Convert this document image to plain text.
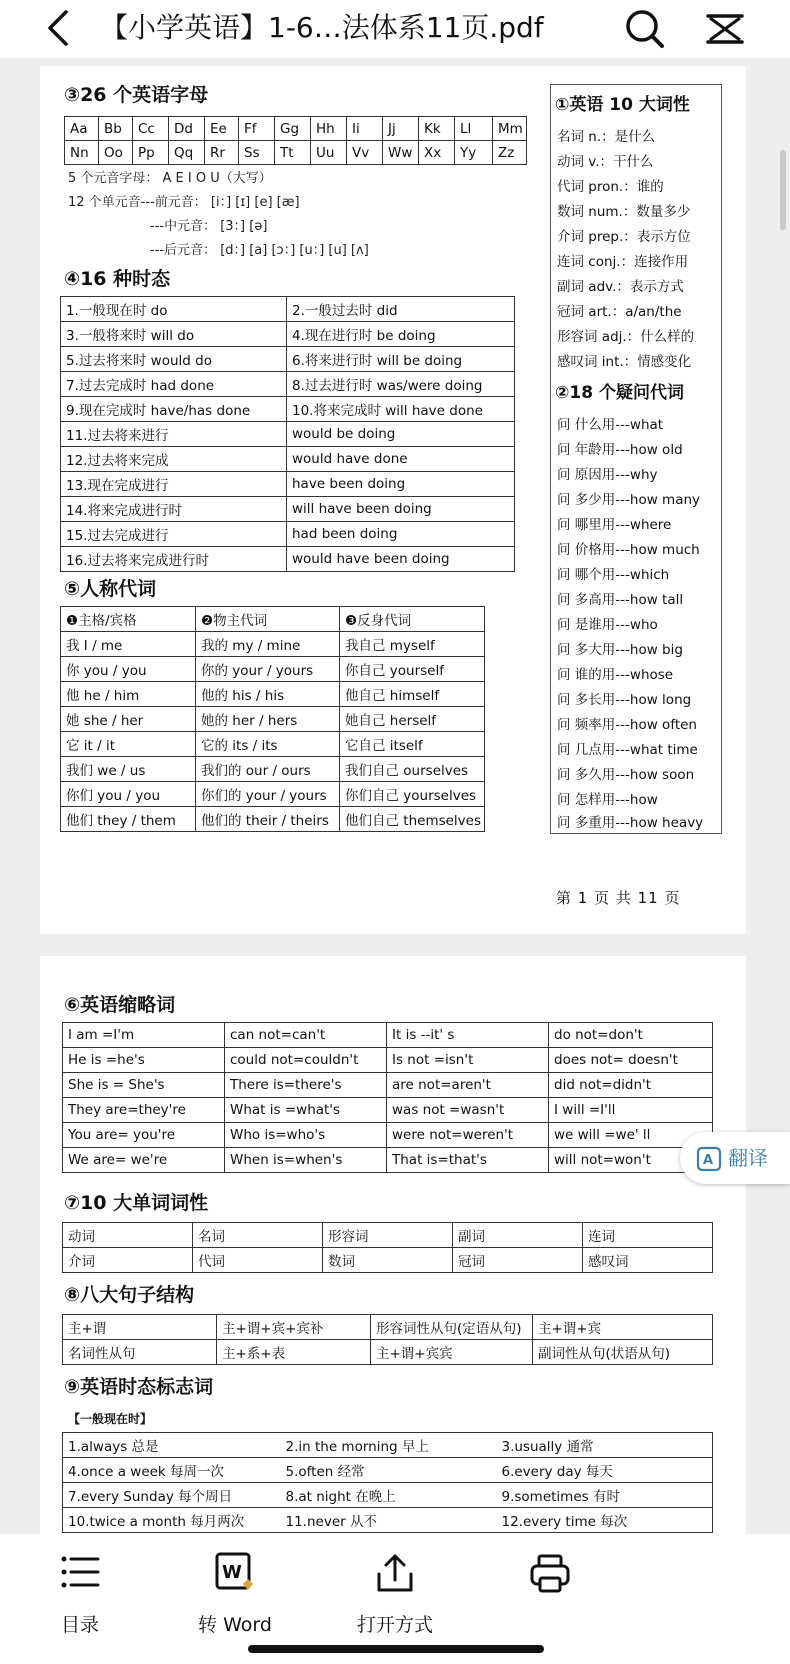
【小学英语】1-6…法体系11页.pdf
③26 个英语字母
Aa	Bb	Cc	Dd	Ee	Ff	Gg	Hh	Ii	Jj	Kk	Ll	Mm
Nn	Oo	Pp	Qq	Rr	Ss	Tt	Uu	Vv	Ww	Xx	Yy	Zz
5 个元音字母： A E I O U（大写）
12 个单元音---前元音： [i：] [ɪ] [e] [æ]
---中元音： [3：] [ə]
---后元音： [d：] [a] [ɔ：] [u：] [u] [ʌ]
④16 种时态
1.一般现在时 do	2.一般过去时 did
3.一般将来时 will do	4.现在进行时 be doing
5.过去将来时 would do	6.将来进行时 will be doing
7.过去完成时 had done	8.过去进行时 was/were doing
9.现在完成时 have/has done	10.将来完成时 will have done
11.过去将来进行	would be doing
12.过去将来完成	would have done
13.现在完成进行	have been doing
14.将来完成进行时	will have been doing
15.过去完成进行	had been doing
16.过去将来完成进行时	would have been doing
⑤人称代词
❶主格/宾格	❷物主代词	❸反身代词
我 I / me	我的 my / mine	我自己 myself
你 you / you	你的 your / yours	你自己 yourself
他 he / him	他的 his / his	他自己 himself
她 she / her	她的 her / hers	她自己 herself
它 it / it	它的 its / its	它自己 itself
我们 we / us	我们的 our / ours	我们自己 ourselves
你们 you / you	你们的 your / yours	你们自己 yourselves
他们 they / them	他们的 their / theirs	他们自己 themselves
①英语 10 大词性
名词 n.：是什么
动词 v.：干什么
代词 pron.：谁的
数词 num.：数量多少
介词 prep.：表示方位
连词 conj.：连接作用
副词 adv.：表示方式
冠词 art.：a/an/the
形容词 adj.：什么样的
感叹词 int.：情感变化
②18 个疑问代词
问 什么用---what
问 年龄用---how old
问 原因用---why
问 多少用---how many
问 哪里用---where
问 价格用---how much
问 哪个用---which
问 多高用---how tall
问 是谁用---who
问 多大用---how big
问 谁的用---whose
问 多长用---how long
问 频率用---how often
问 几点用---what time
问 多久用---how soon
问 怎样用---how
问 多重用---how heavy
第 1 页 共 11 页
⑥英语缩略词
I am =I'm	can not=can't	It is --it' s	do not=don't
He is =he's	could not=couldn't	Is not =isn't	does not= doesn't
She is = She's	There is=there's	are not=aren't	did not=didn't
They are=they're	What is =what's	was not =wasn't	I will =I'll
You are= you're	Who is=who's	were not=weren't	we will =we' ll
We are= we're	When is=when's	That is=that's	will not=won't
⑦10 大单词词性
动词	名词	形容词	副词	连词
介词	代词	数词	冠词	感叹词
⑧八大句子结构
主+谓	主+谓+宾+宾补	形容词性从句(定语从句)	主+谓+宾
名词性从句	主+系+表	主+谓+宾宾	副词性从句(状语从句)
⑨英语时态标志词
【一般现在时】
1.always 总是	2.in the morning 早上	3.usually 通常
4.once a week 每周一次	5.often 经常	6.every day 每天
7.every Sunday 每个周日	8.at night 在晚上	9.sometimes 有时
10.twice a month 每月两次	11.never 从不	12.every time 每次
A 翻译
目录
W
转 Word	打开方式
